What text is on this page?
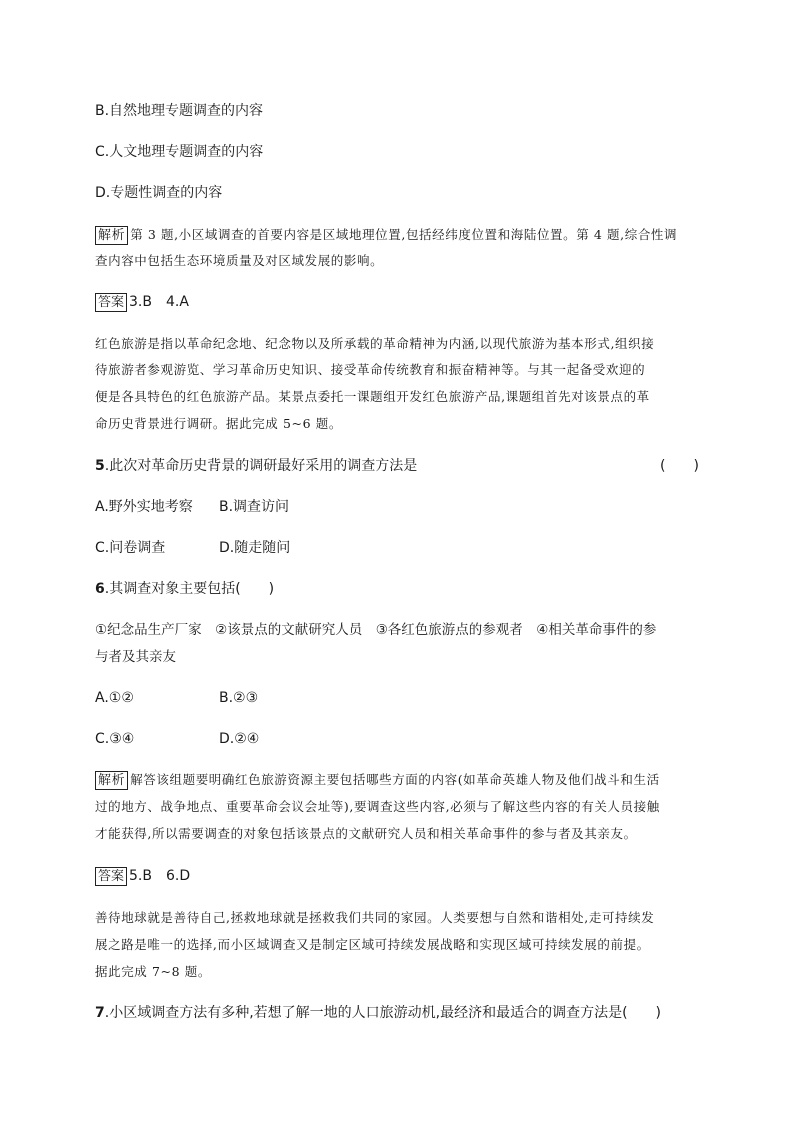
B.自然地理专题调查的内容
C.人文地理专题调查的内容
D.专题性调查的内容
解析 第 3 题,小区域调查的首要内容是区域地理位置,包括经纬度位置和海陆位置。第 4 题,综合性调
查内容中包括生态环境质量及对区域发展的影响。
答案 3.B　4.A
红色旅游是指以革命纪念地、纪念物以及所承载的革命精神为内涵,以现代旅游为基本形式,组织接
待旅游者参观游览、学习革命历史知识、接受革命传统教育和振奋精神等。与其一起备受欢迎的
便是各具特色的红色旅游产品。某景点委托一课题组开发红色旅游产品,课题组首先对该景点的革
命历史背景进行调研。据此完成 5~6 题。
5.此次对革命历史背景的调研最好采用的调查方法是	(　　)
A.野外实地考察 B.调查访问
C.问卷调查	D.随走随问
6.其调查对象主要包括(　　)
①纪念品生产厂家　②该景点的文献研究人员　③各红色旅游点的参观者　④相关革命事件的参
与者及其亲友
A.①②	B.②③
C.③④	D.②④
解析 解答该组题要明确红色旅游资源主要包括哪些方面的内容(如革命英雄人物及他们战斗和生活
过的地方、战争地点、重要革命会议会址等),要调查这些内容,必须与了解这些内容的有关人员接触
才能获得,所以需要调查的对象包括该景点的文献研究人员和相关革命事件的参与者及其亲友。
答案 5.B　6.D
善待地球就是善待自己,拯救地球就是拯救我们共同的家园。人类要想与自然和谐相处,走可持续发
展之路是唯一的选择,而小区域调查又是制定区域可持续发展战略和实现区域可持续发展的前提。
据此完成 7~8 题。
7.小区域调查方法有多种,若想了解一地的人口旅游动机,最经济和最适合的调查方法是(　　)
